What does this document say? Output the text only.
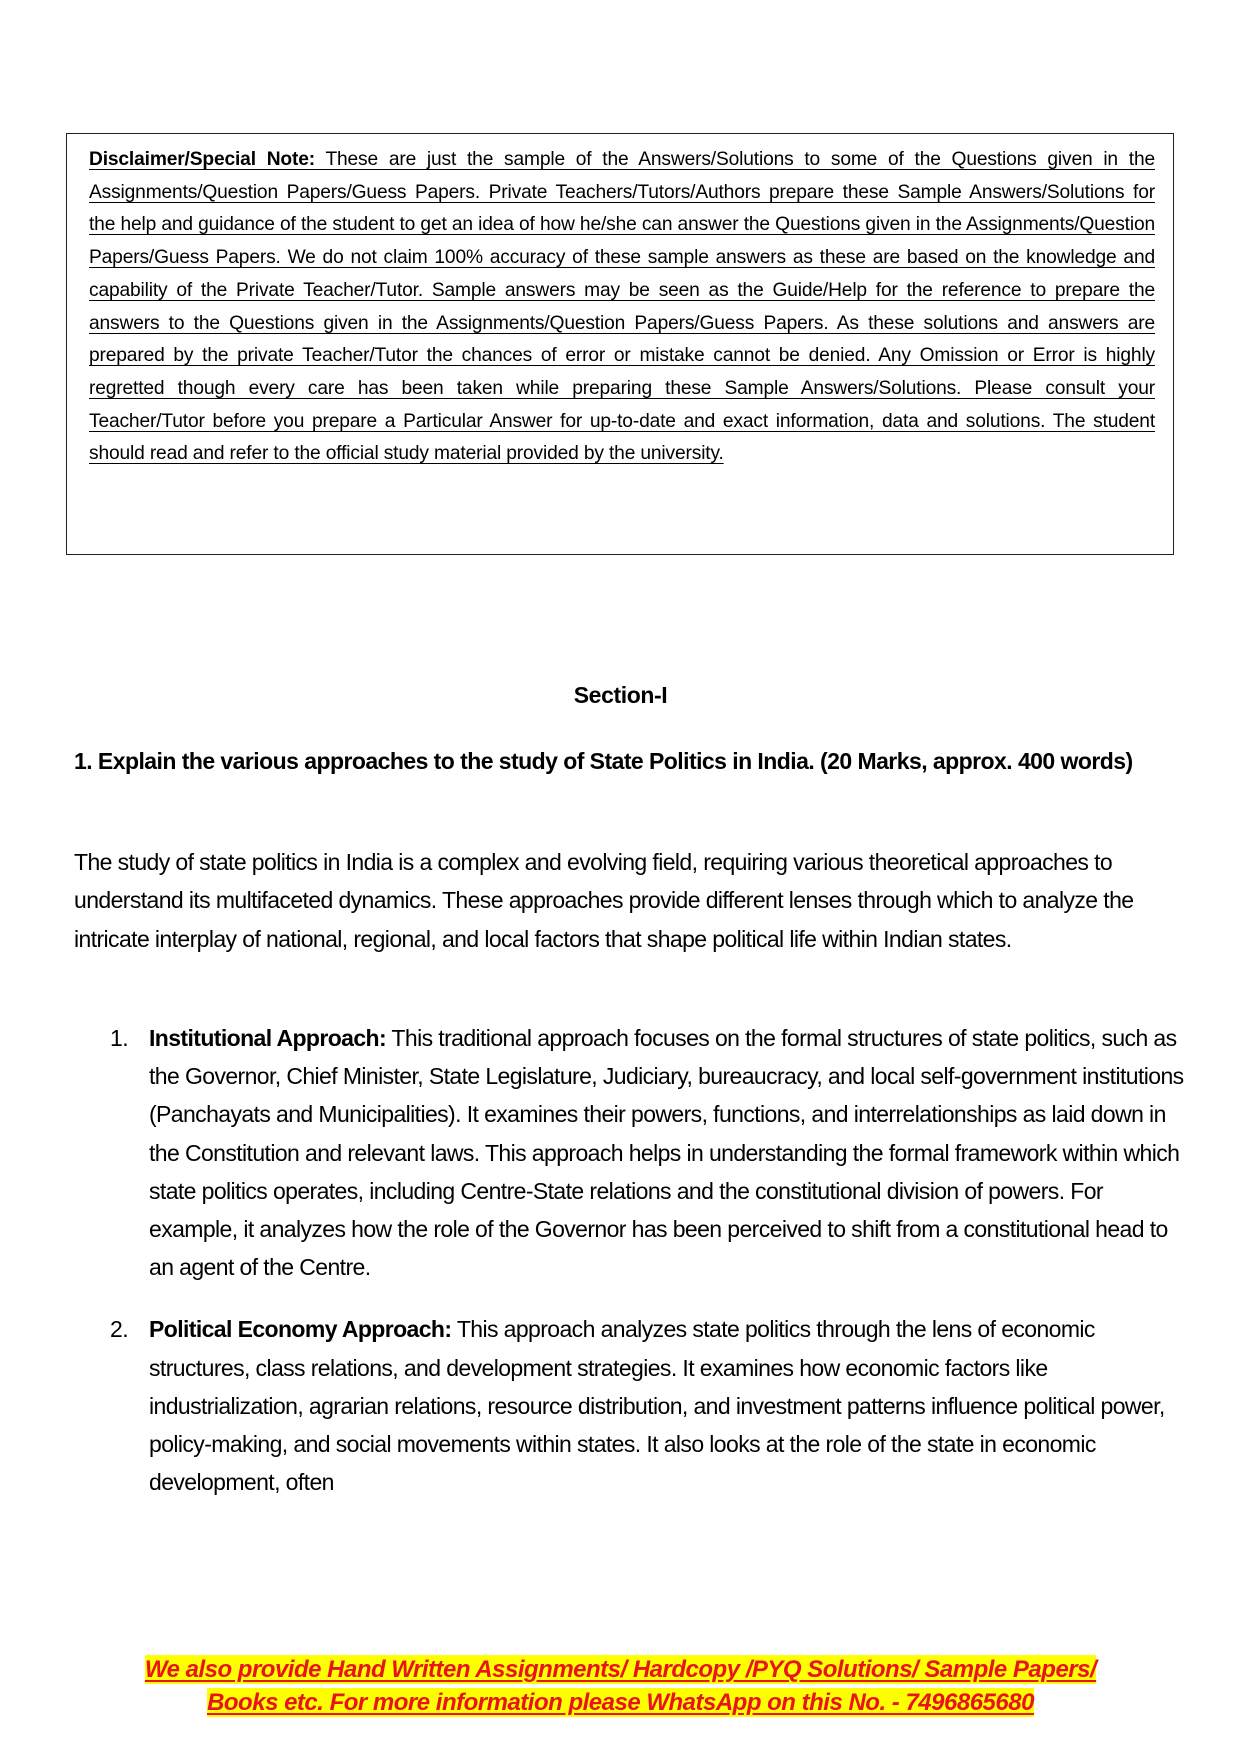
Disclaimer/Special Note: These are just the sample of the Answers/Solutions to some of the Questions given in the Assignments/Question Papers/Guess Papers. Private Teachers/Tutors/Authors prepare these Sample Answers/Solutions for the help and guidance of the student to get an idea of how he/she can answer the Questions given in the Assignments/Question Papers/Guess Papers. We do not claim 100% accuracy of these sample answers as these are based on the knowledge and capability of the Private Teacher/Tutor. Sample answers may be seen as the Guide/Help for the reference to prepare the answers to the Questions given in the Assignments/Question Papers/Guess Papers. As these solutions and answers are prepared by the private Teacher/Tutor the chances of error or mistake cannot be denied. Any Omission or Error is highly regretted though every care has been taken while preparing these Sample Answers/Solutions. Please consult your Teacher/Tutor before you prepare a Particular Answer for up-to-date and exact information, data and solutions. The student should read and refer to the official study material provided by the university.
Section-I
1. Explain the various approaches to the study of State Politics in India. (20 Marks, approx. 400 words)
The study of state politics in India is a complex and evolving field, requiring various theoretical approaches to understand its multifaceted dynamics. These approaches provide different lenses through which to analyze the intricate interplay of national, regional, and local factors that shape political life within Indian states.
1. Institutional Approach: This traditional approach focuses on the formal structures of state politics, such as the Governor, Chief Minister, State Legislature, Judiciary, bureaucracy, and local self-government institutions (Panchayats and Municipalities). It examines their powers, functions, and interrelationships as laid down in the Constitution and relevant laws. This approach helps in understanding the formal framework within which state politics operates, including Centre-State relations and the constitutional division of powers. For example, it analyzes how the role of the Governor has been perceived to shift from a constitutional head to an agent of the Centre.
2. Political Economy Approach: This approach analyzes state politics through the lens of economic structures, class relations, and development strategies. It examines how economic factors like industrialization, agrarian relations, resource distribution, and investment patterns influence political power, policy-making, and social movements within states. It also looks at the role of the state in economic development, often
We also provide Hand Written Assignments/ Hardcopy /PYQ Solutions/ Sample Papers/
Books etc. For more information please WhatsApp on this No. - 7496865680
